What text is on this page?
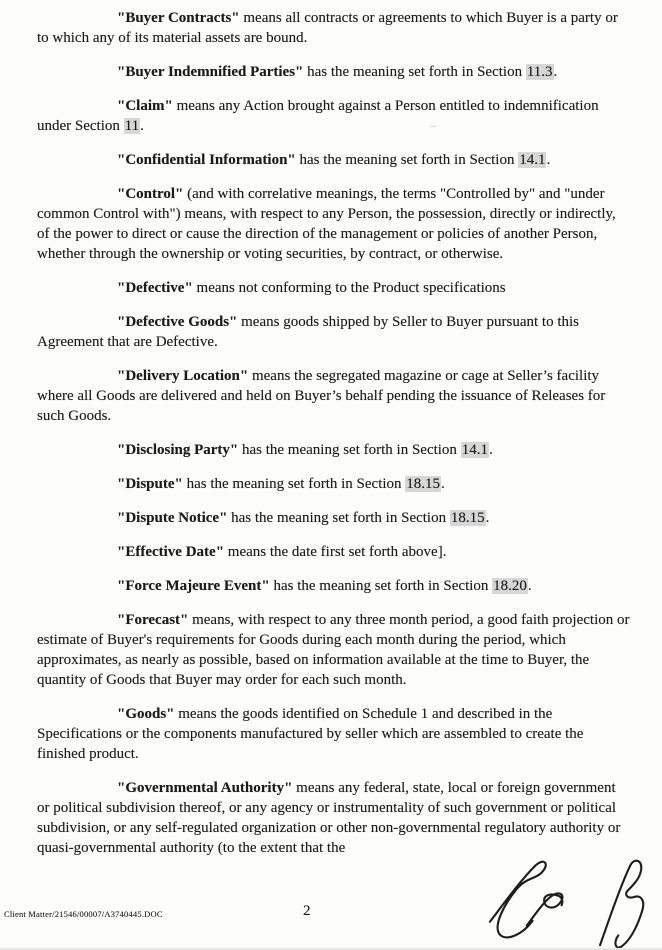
"Buyer Contracts" means all contracts or agreements to which Buyer is a party or to which any of its material assets are bound.

"Buyer Indemnified Parties" has the meaning set forth in Section 11.3.

"Claim" means any Action brought against a Person entitled to indemnification under Section 11.

"Confidential Information" has the meaning set forth in Section 14.1.

"Control" (and with correlative meanings, the terms "Controlled by" and "under common Control with") means, with respect to any Person, the possession, directly or indirectly, of the power to direct or cause the direction of the management or policies of another Person, whether through the ownership or voting securities, by contract, or otherwise.

"Defective" means not conforming to the Product specifications

"Defective Goods" means goods shipped by Seller to Buyer pursuant to this Agreement that are Defective.

"Delivery Location" means the segregated magazine or cage at Seller’s facility where all Goods are delivered and held on Buyer’s behalf pending the issuance of Releases for such Goods.

"Disclosing Party" has the meaning set forth in Section 14.1.

"Dispute" has the meaning set forth in Section 18.15.

"Dispute Notice" has the meaning set forth in Section 18.15.

"Effective Date" means the date first set forth above].

"Force Majeure Event" has the meaning set forth in Section 18.20.

"Forecast" means, with respect to any three month period, a good faith projection or estimate of Buyer's requirements for Goods during each month during the period, which approximates, as nearly as possible, based on information available at the time to Buyer, the quantity of Goods that Buyer may order for each such month.

"Goods" means the goods identified on Schedule 1 and described in the Specifications or the components manufactured by seller which are assembled to create the finished product.

"Governmental Authority" means any federal, state, local or foreign government or political subdivision thereof, or any agency or instrumentality of such government or political subdivision, or any self-regulated organization or other non-governmental regulatory authority or quasi-governmental authority (to the extent that the

~
Client Matter/21546/00007/A3740445.DOC	2
